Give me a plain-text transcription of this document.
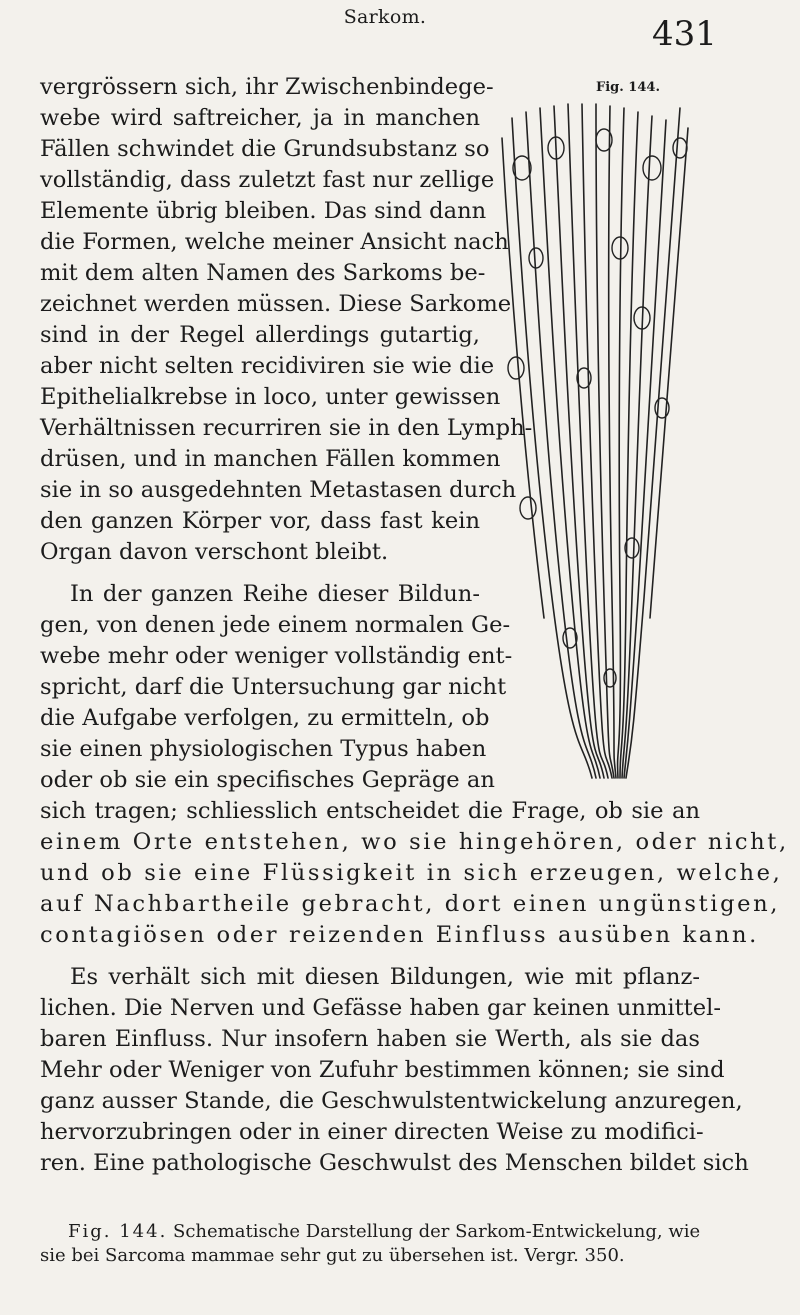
Sarkom.	431
Fig. 144.
vergrössern sich, ihr Zwischenbindege-
webe wird saftreicher, ja in manchen
Fällen schwindet die Grundsubstanz so
vollständig, dass zuletzt fast nur zellige
Elemente übrig bleiben. Das sind dann
die Formen, welche meiner Ansicht nach
mit dem alten Namen des Sarkoms be-
zeichnet werden müssen. Diese Sarkome
sind in der Regel allerdings gutartig,
aber nicht selten recidiviren sie wie die
Epithelialkrebse in loco, unter gewissen
Verhältnissen recurriren sie in den Lymph-
drüsen, und in manchen Fällen kommen
sie in so ausgedehnten Metastasen durch
den ganzen Körper vor, dass fast kein
Organ davon verschont bleibt.
In der ganzen Reihe dieser Bildun-
gen, von denen jede einem normalen Ge-
webe mehr oder weniger vollständig ent-
spricht, darf die Untersuchung gar nicht
die Aufgabe verfolgen, zu ermitteln, ob
sie einen physiologischen Typus haben
oder ob sie ein specifisches Gepräge an
sich tragen; schliesslich entscheidet die Frage, ob sie an
einem Orte entstehen, wo sie hingehören, oder nicht,
und ob sie eine Flüssigkeit in sich erzeugen, welche,
auf Nachbartheile gebracht, dort einen ungünstigen,
contagiösen oder reizenden Einfluss ausüben kann.
Es verhält sich mit diesen Bildungen, wie mit pflanz-
lichen. Die Nerven und Gefässe haben gar keinen unmittel-
baren Einfluss. Nur insofern haben sie Werth, als sie das
Mehr oder Weniger von Zufuhr bestimmen können; sie sind
ganz ausser Stande, die Geschwulstentwickelung anzuregen,
hervorzubringen oder in einer directen Weise zu modifici-
ren. Eine pathologische Geschwulst des Menschen bildet sich
Fig. 144. Schematische Darstellung der Sarkom-Entwickelung, wie
sie bei Sarcoma mammae sehr gut zu übersehen ist. Vergr. 350.
